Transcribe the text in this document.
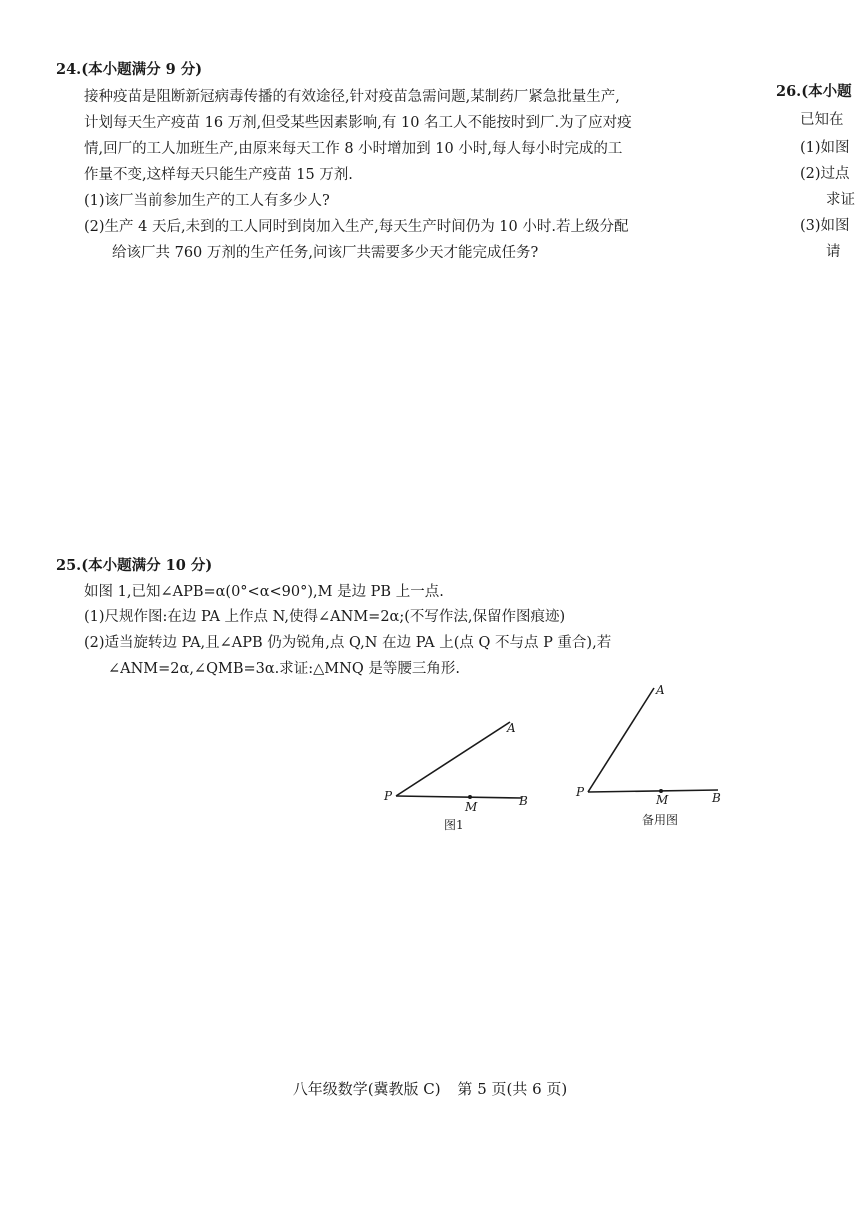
24.(本小题满分 9 分)
接种疫苗是阻断新冠病毒传播的有效途径,针对疫苗急需问题,某制药厂紧急批量生产,
计划每天生产疫苗 16 万剂,但受某些因素影响,有 10 名工人不能按时到厂.为了应对疫
情,回厂的工人加班生产,由原来每天工作 8 小时增加到 10 小时,每人每小时完成的工
作量不变,这样每天只能生产疫苗 15 万剂.
(1)该厂当前参加生产的工人有多少人?
(2)生产 4 天后,未到的工人同时到岗加入生产,每天生产时间仍为 10 小时.若上级分配
给该厂共 760 万剂的生产任务,问该厂共需要多少天才能完成任务?
26.(本小题
已知在
(1)如图
(2)过点
求证
(3)如图
请
25.(本小题满分 10 分)
如图 1,已知∠APB=α(0°<α<90°),M 是边 PB 上一点.
(1)尺规作图:在边 PA 上作点 N,使得∠ANM=2α;(不写作法,保留作图痕迹)
(2)适当旋转边 PA,且∠APB 仍为锐角,点 Q,N 在边 PA 上(点 Q 不与点 P 重合),若
∠ANM=2α,∠QMB=3α.求证:△MNQ 是等腰三角形.
P
A
M	B
图1
P
A
M	B
备用图
八年级数学(冀教版 C) 第 5 页(共 6 页)
